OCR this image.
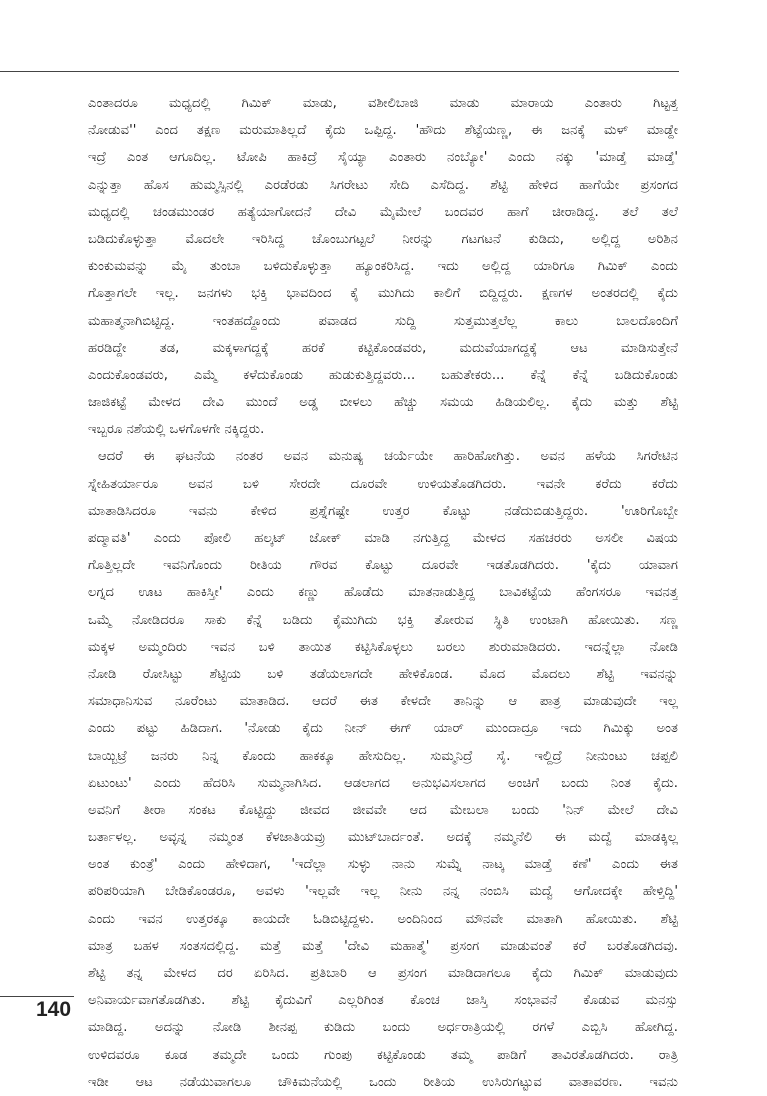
ಎಂತಾದರೂ ಮಧ್ಯದಲ್ಲಿ ಗಿಮಿಕ್ ಮಾಡು, ವಶೀಲಿಬಾಜಿ ಮಾಡು ಮಾರಾಯ ಎಂತಾರು ಗಿಟ್ಟತ್ತ
ನೋಡುವ'' ಎಂದ ತಕ್ಷಣ ಮರುಮಾತಿಲ್ಲದೆ ಕೈದು ಒಪ್ಪಿದ್ದ. 'ಹೌದು ಶೆಟ್ಟೆಯಣ್ಣ, ಈ ಜನಕ್ಕೆ ಮಳ್ ಮಾಡ್ದೇ
ಇದ್ರೆ ಎಂತ ಆಗೂದಿಲ್ಲ. ಟೋಪಿ ಹಾಕಿದ್ರೆ ಸೈಯ್ಯಾ ಎಂತಾರು ನಂಬ್ಯೋ' ಎಂದು ನಕ್ಕು 'ಮಾಡ್ತೆ ಮಾಡ್ತೆ'
ಎನ್ನುತ್ತಾ ಹೊಸ ಹುಮ್ಮಸ್ಸಿನಲ್ಲಿ ಎರಡೆರಡು ಸಿಗರೇಟು ಸೇದಿ ಎಸೆದಿದ್ದ. ಶೆಟ್ಟಿ ಹೇಳಿದ ಹಾಗೆಯೇ ಪ್ರಸಂಗದ
ಮಧ್ಯದಲ್ಲಿ ಚಂಡಮುಂಡರ ಹತ್ಯೆಯಾಗೋದನೆ ದೇವಿ ಮೈಮೇಲೆ ಬಂದವರ ಹಾಗೆ ಚೀರಾಡಿದ್ದ. ತಲೆ ತಲೆ
ಬಡಿದುಕೊಳ್ಳುತ್ತಾ ಮೊದಲೇ ಇರಿಸಿದ್ದ ಚೊಂಬುಗಟ್ಟಲೆ ನೀರನ್ನು ಗಟಗಟನೆ ಕುಡಿದು, ಅಲ್ಲಿದ್ದ ಅರಿಶಿನ
ಕುಂಕುಮವನ್ನು ಮೈ ತುಂಬಾ ಬಳಿದುಕೊಳ್ಳುತ್ತಾ ಹ್ಯೂಂಕರಿಸಿದ್ದ. ಇದು ಅಲ್ಲಿದ್ದ ಯಾರಿಗೂ ಗಿಮಿಕ್ ಎಂದು
ಗೊತ್ತಾಗಲೇ ಇಲ್ಲ. ಜನಗಳು ಭಕ್ತಿ ಭಾವದಿಂದ ಕೈ ಮುಗಿದು ಕಾಲಿಗೆ ಬಿದ್ದಿದ್ದರು. ಕ್ಷಣಗಳ ಅಂತರದಲ್ಲಿ ಕೈದು
ಮಹಾತ್ಮನಾಗಿಬಿಟ್ಟಿದ್ದ. ಇಂತಹದ್ದೊಂದು ಪವಾಡದ ಸುದ್ದಿ ಸುತ್ತಮುತ್ತಲೆಲ್ಲ ಕಾಲು ಬಾಲದೊಂದಿಗೆ
ಹರಡಿದ್ದೇ ತಡ, ಮಕ್ಕಳಾಗದ್ದಕ್ಕೆ ಹರಕೆ ಕಟ್ಟಿಕೊಂಡವರು, ಮದುವೆಯಾಗದ್ದಕ್ಕೆ ಆಟ ಮಾಡಿಸುತ್ತೇನೆ
ಎಂದುಕೊಂಡವರು, ಎಮ್ಮೆ ಕಳೆದುಕೊಂಡು ಹುಡುಕುತ್ತಿದ್ದವರು... ಬಹುತೇಕರು... ಕೆನ್ನೆ ಕೆನ್ನೆ ಬಡಿದುಕೊಂಡು
ಜಾಜಿಕಟ್ಟೆ ಮೇಳದ ದೇವಿ ಮುಂದೆ ಅಡ್ಡ ಬೀಳಲು ಹೆಚ್ಚು ಸಮಯ ಹಿಡಿಯಲಿಲ್ಲ. ಕೈದು ಮತ್ತು ಶೆಟ್ಟಿ
ಇಬ್ಬರೂ ನಶೆಯಲ್ಲಿ ಒಳಗೊಳಗೇ ನಕ್ಕಿದ್ದರು.
ಆದರೆ ಈ ಘಟನೆಯ ನಂತರ ಅವನ ಮನುಷ್ಯ ಚರ್ಯೆಯೇ ಹಾರಿಹೋಗಿತ್ತು. ಅವನ ಹಳೆಯ ಸಿಗರೇಟಿನ
ಸ್ನೇಹಿತರ್ಯಾರೂ ಅವನ ಬಳಿ ಸೇರದೇ ದೂರವೇ ಉಳಿಯತೊಡಗಿದರು. ಇವನೇ ಕರೆದು ಕರೆದು
ಮಾತಾಡಿಸಿದರೂ ಇವನು ಕೇಳಿದ ಪ್ರಶ್ನೆಗಷ್ಟೇ ಉತ್ತರ ಕೊಟ್ಟು ನಡೆದುಬಿಡುತ್ತಿದ್ದರು. 'ಊರಿಗೊಬ್ಬೇ
ಪದ್ಮಾವತಿ' ಎಂದು ಪೋಲಿ ಹಲ್ಕಟ್ ಜೋಕ್ ಮಾಡಿ ನಗುತ್ತಿದ್ದ ಮೇಳದ ಸಹಚರರು ಅಸಲೀ ವಿಷಯ
ಗೊತ್ತಿಲ್ಲದೇ ಇವನಿಗೊಂದು ರೀತಿಯ ಗೌರವ ಕೊಟ್ಟು ದೂರವೇ ಇಡತೊಡಗಿದರು. 'ಕೈದು ಯಾವಾಗ
ಲಗ್ನದ ಊಟ ಹಾಕಿಸ್ತೀ' ಎಂದು ಕಣ್ಣು ಹೊಡೆದು ಮಾತನಾಡುತ್ತಿದ್ದ ಬಾವಿಕಟ್ಟೆಯ ಹೆಂಗಸರೂ ಇವನತ್ತ
ಒಮ್ಮೆ ನೋಡಿದರೂ ಸಾಕು ಕೆನ್ನೆ ಬಡಿದು ಕೈಮುಗಿದು ಭಕ್ತಿ ತೋರುವ ಸ್ಥಿತಿ ಉಂಟಾಗಿ ಹೋಯಿತು. ಸಣ್ಣ
ಮಕ್ಕಳ ಅಮ್ಮಂದಿರು ಇವನ ಬಳಿ ತಾಯಿತ ಕಟ್ಟಿಸಿಕೊಳ್ಳಲು ಬರಲು ಶುರುಮಾಡಿದರು. ಇದನ್ನೆಲ್ಲಾ ನೋಡಿ
ನೋಡಿ ರೋಸಿಟ್ಟು ಶೆಟ್ಟಿಯ ಬಳಿ ತಡೆಯಲಾಗದೇ ಹೇಳಿಕೊಂಡ. ಮೊದ ಮೊದಲು ಶೆಟ್ಟಿ ಇವನನ್ನು
ಸಮಾಧಾನಿಸುವ ನೂರೆಂಟು ಮಾತಾಡಿದ. ಆದರೆ ಈತ ಕೇಳದೇ ತಾನಿನ್ನು ಆ ಪಾತ್ರ ಮಾಡುವುದೇ ಇಲ್ಲ
ಎಂದು ಪಟ್ಟು ಹಿಡಿದಾಗ. 'ನೋಡು ಕೈದು ನೀನ್ ಈಗ್ ಯಾರ್ ಮುಂದಾದ್ರೂ ಇದು ಗಿಮಿಕ್ಕು ಅಂತ
ಬಾಯ್ಬಿಟ್ರೆ ಜನರು ನಿನ್ನ ಕೊಂದು ಹಾಕಕ್ಕೂ ಹೇಸುದಿಲ್ಲ. ಸುಮ್ಮನಿದ್ರೆ ಸೈ. ಇಲ್ದಿದ್ರೆ ನೀನುಂಟು ಚಪ್ಪಲಿ
ಏಟುಂಟು' ಎಂದು ಹೆದರಿಸಿ ಸುಮ್ಮನಾಗಿಸಿದ. ಆಡಲಾಗದ ಅನುಭವಿಸಲಾಗದ ಅಂಚಿಗೆ ಬಂದು ನಿಂತ ಕೈದು.
ಅವನಿಗೆ ತೀರಾ ಸಂಕಟ ಕೊಟ್ಟಿದ್ದು ಜೀವದ ಜೀವವೇ ಆದ ಮೇಬಲಾ ಬಂದು 'ನಿನ್ ಮೇಲೆ ದೇವಿ
ಬರ್ತಾಳಲ್ಲ. ಅವ್ಳನ್ನ ನಮ್ಮಂತ ಕೆಳಜಾತಿಯವ್ರು ಮುಟ್‌ಬಾರ್ದಂತೆ. ಅದಕ್ಕೆ ನಮ್ಮನೆಲಿ ಈ ಮದ್ವೆ ಮಾಡಕ್ಕಿಲ್ಲ
ಅಂತ ಕುಂತ್ರೆ' ಎಂದು ಹೇಳಿದಾಗ, 'ಇದೆಲ್ಲಾ ಸುಳ್ಳು ನಾನು ಸುಮ್ನೆ ನಾಟ್ಕ ಮಾಡ್ತೆ ಕಣೆ' ಎಂದು ಈತ
ಪರಿಪರಿಯಾಗಿ ಬೇಡಿಕೊಂಡರೂ, ಅವಳು 'ಇಲ್ಲವೇ ಇಲ್ಲ ನೀನು ನನ್ನ ನಂಬಿಸಿ ಮದ್ವೆ ಆಗೋದಕ್ಕೇ ಹೇಳ್ತಿದ್ದಿ'
ಎಂದು ಇವನ ಉತ್ತರಕ್ಕೂ ಕಾಯದೇ ಓಡಿಬಿಟ್ಟಿದ್ದಳು. ಅಂದಿನಿಂದ ಮೌನವೇ ಮಾತಾಗಿ ಹೋಯಿತು. ಶೆಟ್ಟಿ
ಮಾತ್ರ ಬಹಳ ಸಂತಸದಲ್ಲಿದ್ದ. ಮತ್ತೆ ಮತ್ತೆ 'ದೇವಿ ಮಹಾತ್ಮೆ' ಪ್ರಸಂಗ ಮಾಡುವಂತೆ ಕರೆ ಬರತೊಡಗಿದವು.
ಶೆಟ್ಟಿ ತನ್ನ ಮೇಳದ ದರ ಏರಿಸಿದ. ಪ್ರತಿಬಾರಿ ಆ ಪ್ರಸಂಗ ಮಾಡಿದಾಗಲೂ ಕೈದು ಗಿಮಿಕ್ ಮಾಡುವುದು
ಅನಿವಾರ್ಯವಾಗತೊಡಗಿತು. ಶೆಟ್ಟಿ ಕೈದುವಿಗೆ ಎಲ್ಲರಿಗಿಂತ ಕೊಂಚ ಜಾಸ್ತಿ ಸಂಭಾವನೆ ಕೊಡುವ ಮನಸ್ಸು
ಮಾಡಿದ್ದ. ಅದನ್ನು ನೋಡಿ ಶೀನಪ್ಪ ಕುಡಿದು ಬಂದು ಅರ್ಧರಾತ್ರಿಯಲ್ಲಿ ರಗಳೆ ಎಬ್ಬಿಸಿ ಹೋಗಿದ್ದ.
ಉಳಿದವರೂ ಕೂಡ ತಮ್ಮದೇ ಒಂದು ಗುಂಪು ಕಟ್ಟಿಕೊಂಡು ತಮ್ಮ ಪಾಡಿಗೆ ತಾವಿರತೊಡಗಿದರು. ರಾತ್ರಿ
ಇಡೀ ಆಟ ನಡೆಯುವಾಗಲೂ ಚೌಕಿಮನೆಯಲ್ಲಿ ಒಂದು ರೀತಿಯ ಉಸಿರುಗಟ್ಟುವ ವಾತಾವರಣ. ಇವನು
140
